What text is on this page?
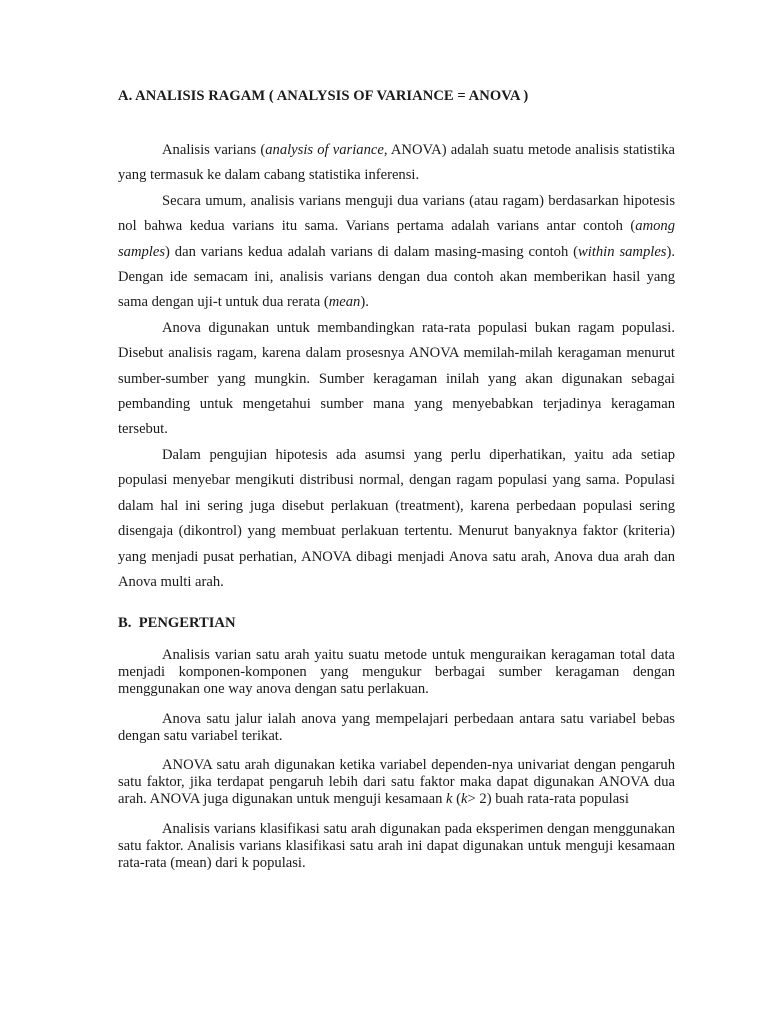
A. ANALISIS RAGAM ( ANALYSIS OF VARIANCE = ANOVA )

Analisis varians (analysis of variance, ANOVA) adalah suatu metode analisis statistika yang termasuk ke dalam cabang statistika inferensi.

Secara umum, analisis varians menguji dua varians (atau ragam) berdasarkan hipotesis nol bahwa kedua varians itu sama. Varians pertama adalah varians antar contoh (among samples) dan varians kedua adalah varians di dalam masing-masing contoh (within samples). Dengan ide semacam ini, analisis varians dengan dua contoh akan memberikan hasil yang sama dengan uji-t untuk dua rerata (mean).

Anova digunakan untuk membandingkan rata-rata populasi bukan ragam populasi. Disebut analisis ragam, karena dalam prosesnya ANOVA memilah-milah keragaman menurut sumber-sumber yang mungkin. Sumber keragaman inilah yang akan digunakan sebagai pembanding untuk mengetahui sumber mana yang menyebabkan terjadinya keragaman tersebut.

Dalam pengujian hipotesis ada asumsi yang perlu diperhatikan, yaitu ada setiap populasi menyebar mengikuti distribusi normal, dengan ragam populasi yang sama. Populasi dalam hal ini sering juga disebut perlakuan (treatment), karena perbedaan populasi sering disengaja (dikontrol) yang membuat perlakuan tertentu. Menurut banyaknya faktor (kriteria) yang menjadi pusat perhatian, ANOVA dibagi menjadi Anova satu arah, Anova dua arah dan Anova multi arah.

B. PENGERTIAN

Analisis varian satu arah yaitu suatu metode untuk menguraikan keragaman total data menjadi komponen-komponen yang mengukur berbagai sumber keragaman dengan menggunakan one way anova dengan satu perlakuan.

Anova satu jalur ialah anova yang mempelajari perbedaan antara satu variabel bebas dengan satu variabel terikat.

ANOVA satu arah digunakan ketika variabel dependen-nya univariat dengan pengaruh satu faktor, jika terdapat pengaruh lebih dari satu faktor maka dapat digunakan ANOVA dua arah. ANOVA juga digunakan untuk menguji kesamaan k (k> 2) buah rata-rata populasi

Analisis varians klasifikasi satu arah digunakan pada eksperimen dengan menggunakan satu faktor. Analisis varians klasifikasi satu arah ini dapat digunakan untuk menguji kesamaan rata-rata (mean) dari k populasi.
